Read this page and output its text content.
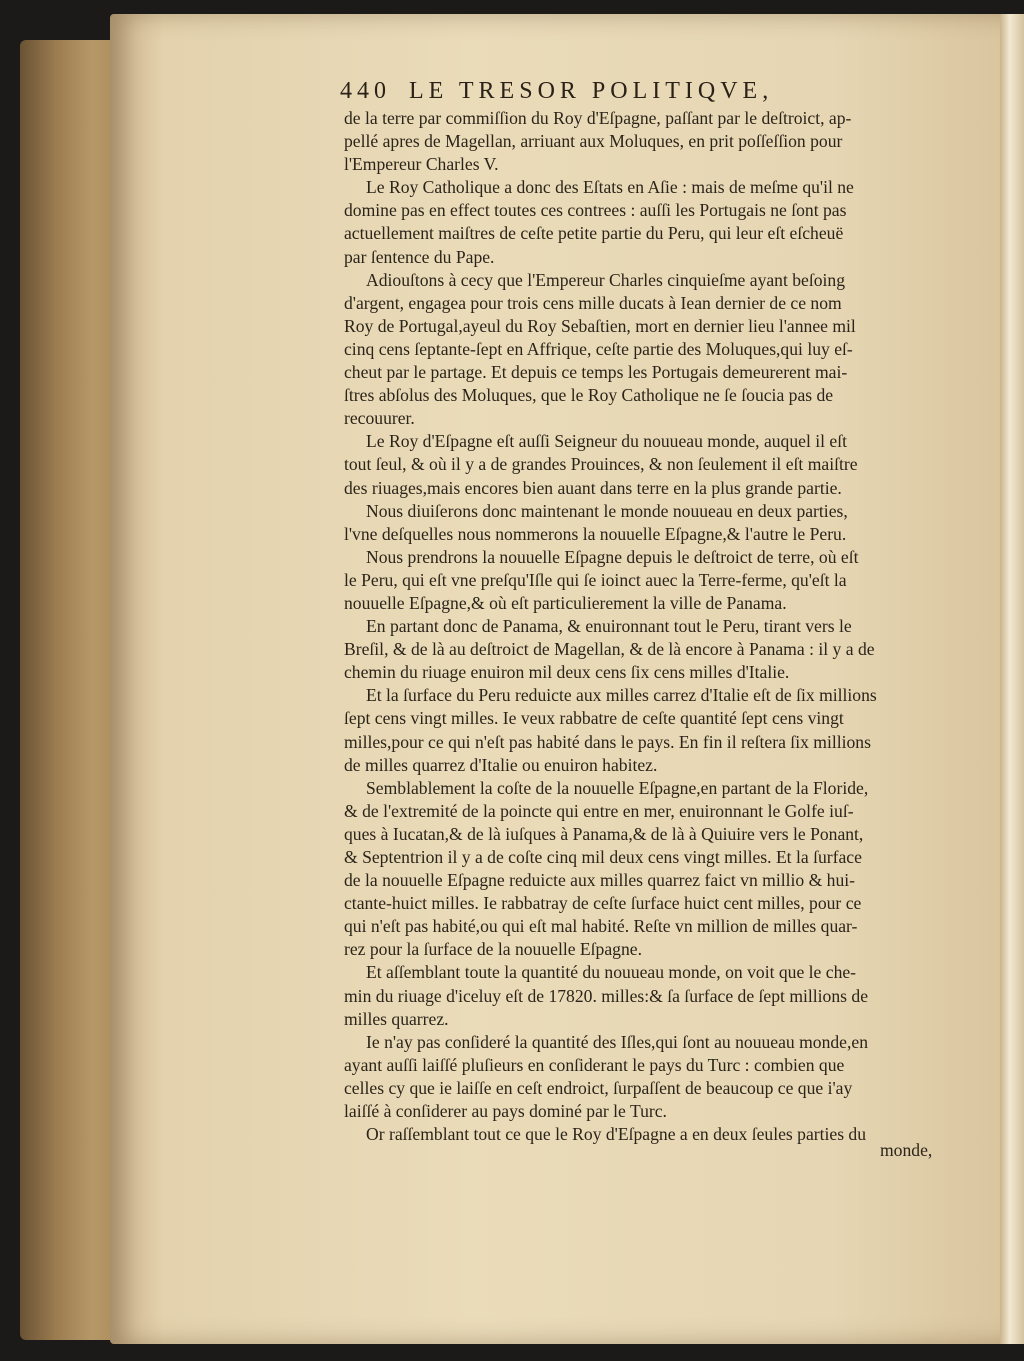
440 LE TRESOR POLITIQVE,

de la terre par commiſſion du Roy d'Eſpagne, paſſant par le deſtroict, ap-
pellé apres de Magellan, arriuant aux Moluques, en prit poſſeſſion pour
l'Empereur Charles V.

Le Roy Catholique a donc des Eſtats en Aſie : mais de meſme qu'il ne
domine pas en effect toutes ces contrees : auſſi les Portugais ne ſont pas
actuellement maiſtres de ceſte petite partie du Peru, qui leur eſt eſcheuë
par ſentence du Pape.

Adiouſtons à cecy que l'Empereur Charles cinquieſme ayant beſoing
d'argent, engagea pour trois cens mille ducats à Iean dernier de ce nom
Roy de Portugal,ayeul du Roy Sebaſtien, mort en dernier lieu l'annee mil
cinq cens ſeptante-ſept en Affrique, ceſte partie des Moluques,qui luy eſ-
cheut par le partage. Et depuis ce temps les Portugais demeurerent mai-
ſtres abſolus des Moluques, que le Roy Catholique ne ſe ſoucia pas de
recouurer.

Le Roy d'Eſpagne eſt auſſi Seigneur du nouueau monde, auquel il eſt
tout ſeul, & où il y a de grandes Prouinces, & non ſeulement il eſt maiſtre
des riuages,mais encores bien auant dans terre en la plus grande partie.

Nous diuiſerons donc maintenant le monde nouueau en deux parties,
l'vne deſquelles nous nommerons la nouuelle Eſpagne,& l'autre le Peru.

Nous prendrons la nouuelle Eſpagne depuis le deſtroict de terre, où eſt
le Peru, qui eſt vne preſqu'Iſle qui ſe ioinct auec la Terre-ferme, qu'eſt la
nouuelle Eſpagne,& où eſt particulierement la ville de Panama.

En partant donc de Panama, & enuironnant tout le Peru, tirant vers le
Breſil, & de là au deſtroict de Magellan, & de là encore à Panama : il y a de
chemin du riuage enuiron mil deux cens ſix cens milles d'Italie.

Et la ſurface du Peru reduicte aux milles carrez d'Italie eſt de ſix millions
ſept cens vingt milles. Ie veux rabbatre de ceſte quantité ſept cens vingt
milles,pour ce qui n'eſt pas habité dans le pays. En fin il reſtera ſix millions
de milles quarrez d'Italie ou enuiron habitez.

Semblablement la coſte de la nouuelle Eſpagne,en partant de la Floride,
& de l'extremité de la poincte qui entre en mer, enuironnant le Golfe iuſ-
ques à Iucatan,& de là iuſques à Panama,& de là à Quiuire vers le Ponant,
& Septentrion il y a de coſte cinq mil deux cens vingt milles. Et la ſurface
de la nouuelle Eſpagne reduicte aux milles quarrez faict vn millio & hui-
ctante-huict milles. Ie rabbatray de ceſte ſurface huict cent milles, pour ce
qui n'eſt pas habité,ou qui eſt mal habité. Reſte vn million de milles quar-
rez pour la ſurface de la nouuelle Eſpagne.

Et aſſemblant toute la quantité du nouueau monde, on voit que le che-
min du riuage d'iceluy eſt de 17820. milles:& ſa ſurface de ſept millions de
milles quarrez.

Ie n'ay pas conſideré la quantité des Iſles,qui ſont au nouueau monde,en
ayant auſſi laiſſé pluſieurs en conſiderant le pays du Turc : combien que
celles cy que ie laiſſe en ceſt endroict, ſurpaſſent de beaucoup ce que i'ay
laiſſé à conſiderer au pays dominé par le Turc.

Or raſſemblant tout ce que le Roy d'Eſpagne a en deux ſeules parties du

monde,
